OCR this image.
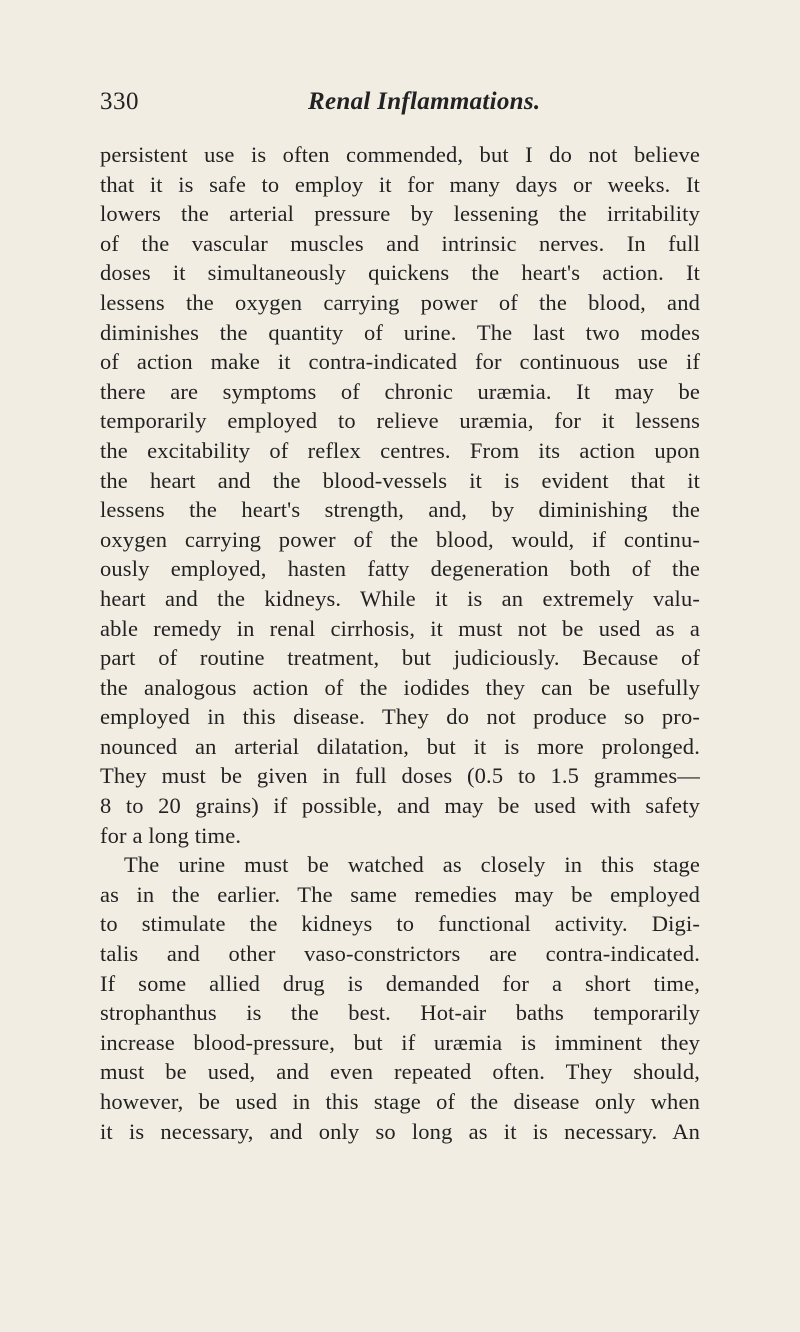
330	Renal Inflammations.
persistent use is often commended, but I do not believe
that it is safe to employ it for many days or weeks. It
lowers the arterial pressure by lessening the irritability
of the vascular muscles and intrinsic nerves. In full
doses it simultaneously quickens the heart's action. It
lessens the oxygen carrying power of the blood, and
diminishes the quantity of urine. The last two modes
of action make it contra-indicated for continuous use if
there are symptoms of chronic uræmia. It may be
temporarily employed to relieve uræmia, for it lessens
the excitability of reflex centres. From its action upon
the heart and the blood-vessels it is evident that it
lessens the heart's strength, and, by diminishing the
oxygen carrying power of the blood, would, if continu-
ously employed, hasten fatty degeneration both of the
heart and the kidneys. While it is an extremely valu-
able remedy in renal cirrhosis, it must not be used as a
part of routine treatment, but judiciously. Because of
the analogous action of the iodides they can be usefully
employed in this disease. They do not produce so pro-
nounced an arterial dilatation, but it is more prolonged.
They must be given in full doses (0.5 to 1.5 grammes—
8 to 20 grains) if possible, and may be used with safety
for a long time.
The urine must be watched as closely in this stage
as in the earlier. The same remedies may be employed
to stimulate the kidneys to functional activity. Digi-
talis and other vaso-constrictors are contra-indicated.
If some allied drug is demanded for a short time,
strophanthus is the best. Hot-air baths temporarily
increase blood-pressure, but if uræmia is imminent they
must be used, and even repeated often. They should,
however, be used in this stage of the disease only when
it is necessary, and only so long as it is necessary. An
